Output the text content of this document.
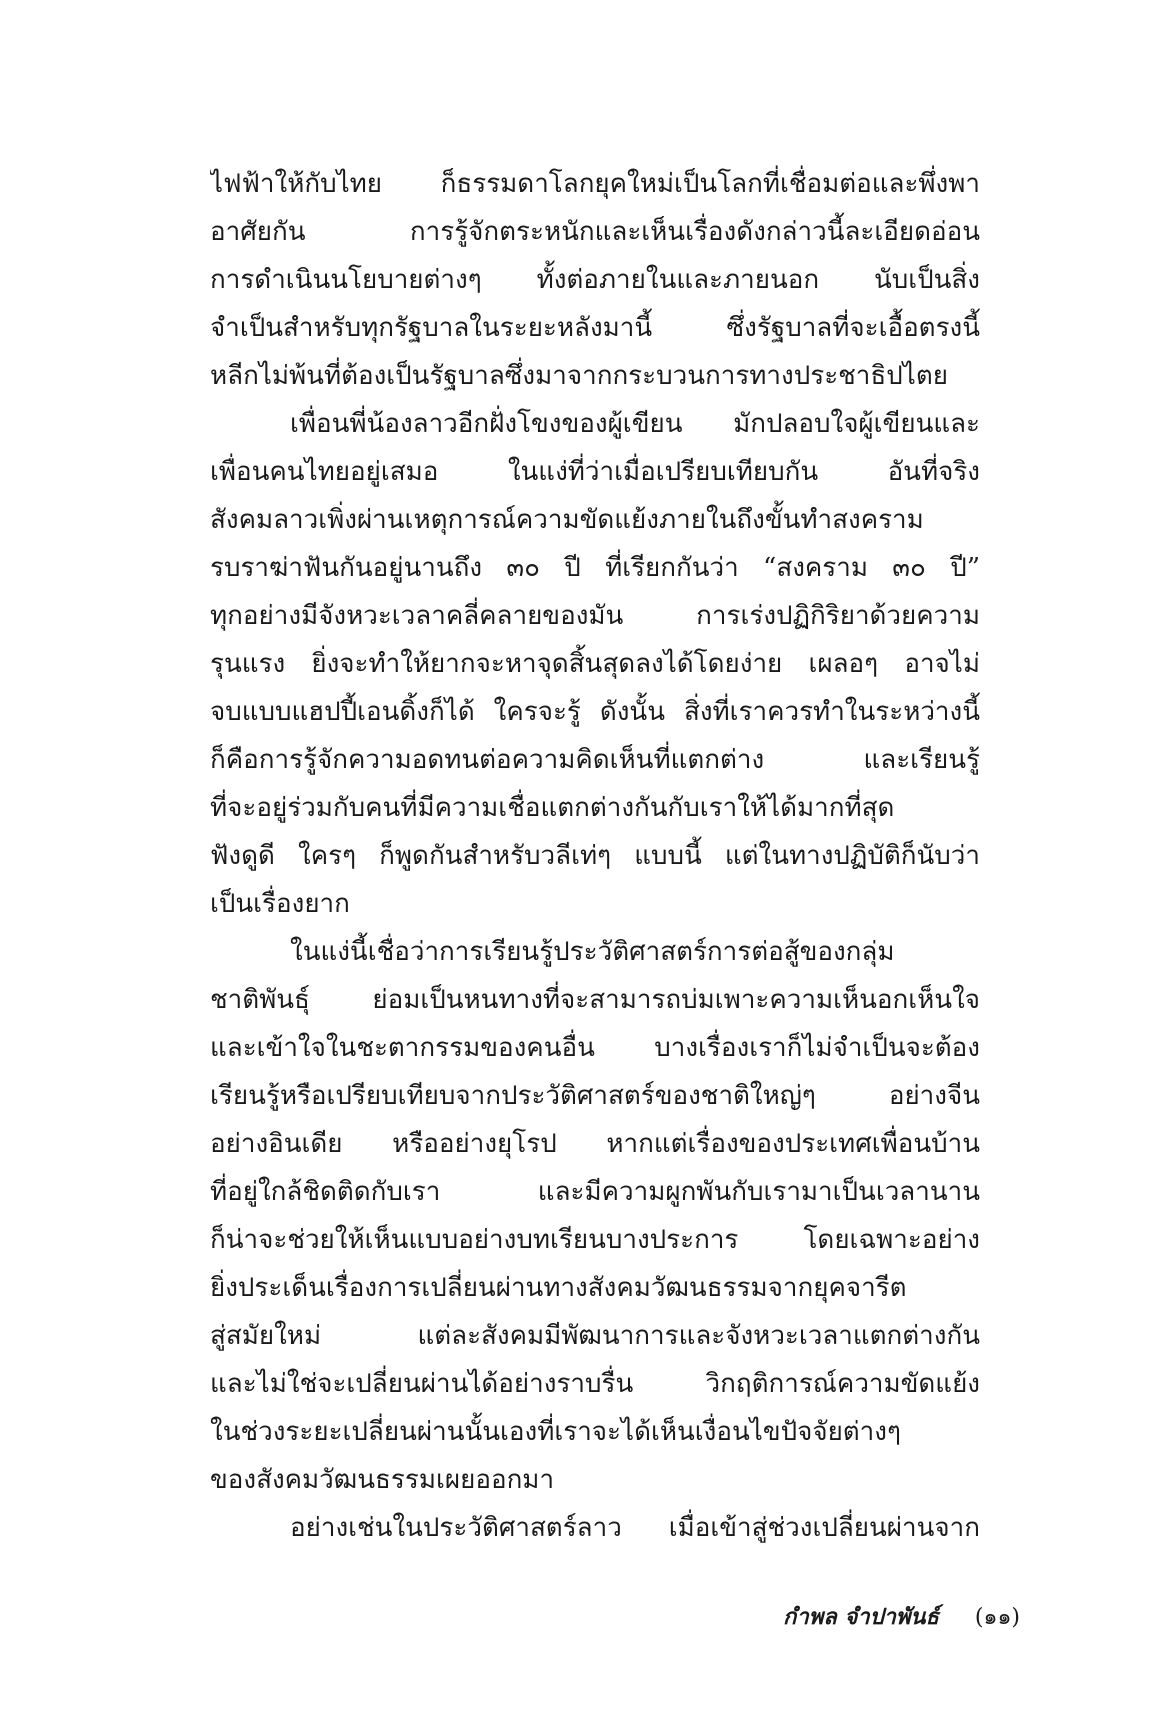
ไฟฟ้าให้กับไทย ก็ธรรมดาโลกยุคใหม่เป็นโลกที่เชื่อมต่อและพึ่งพา
อาศัยกัน การรู้จักตระหนักและเห็นเรื่องดังกล่าวนี้ละเอียดอ่อน
การดำเนินนโยบายต่างๆ ทั้งต่อภายในและภายนอก นับเป็นสิ่ง
จำเป็นสำหรับทุกรัฐบาลในระยะหลังมานี้ ซึ่งรัฐบาลที่จะเอื้อตรงนี้
หลีกไม่พ้นที่ต้องเป็นรัฐบาลซึ่งมาจากกระบวนการทางประชาธิปไตย
เพื่อนพี่น้องลาวอีกฝั่งโขงของผู้เขียน มักปลอบใจผู้เขียนและ
เพื่อนคนไทยอยู่เสมอ ในแง่ที่ว่าเมื่อเปรียบเทียบกัน อันที่จริง
สังคมลาวเพิ่งผ่านเหตุการณ์ความขัดแย้งภายในถึงขั้นทำสงคราม
รบราฆ่าฟันกันอยู่นานถึง ๓๐ ปี ที่เรียกกันว่า “สงคราม ๓๐ ปี”
ทุกอย่างมีจังหวะเวลาคลี่คลายของมัน การเร่งปฏิกิริยาด้วยความ
รุนแรง ยิ่งจะทำให้ยากจะหาจุดสิ้นสุดลงได้โดยง่าย เผลอๆ อาจไม่
จบแบบแฮปปี้เอนดิ้งก็ได้ ใครจะรู้ ดังนั้น สิ่งที่เราควรทำในระหว่างนี้
ก็คือการรู้จักความอดทนต่อความคิดเห็นที่แตกต่าง และเรียนรู้
ที่จะอยู่ร่วมกับคนที่มีความเชื่อแตกต่างกันกับเราให้ได้มากที่สุด
ฟังดูดี ใครๆ ก็พูดกันสำหรับวลีเท่ๆ แบบนี้ แต่ในทางปฏิบัติก็นับว่า
เป็นเรื่องยาก
ในแง่นี้เชื่อว่าการเรียนรู้ประวัติศาสตร์การต่อสู้ของกลุ่ม
ชาติพันธุ์ ย่อมเป็นหนทางที่จะสามารถบ่มเพาะความเห็นอกเห็นใจ
และเข้าใจในชะตากรรมของคนอื่น บางเรื่องเราก็ไม่จำเป็นจะต้อง
เรียนรู้หรือเปรียบเทียบจากประวัติศาสตร์ของชาติใหญ่ๆ อย่างจีน
อย่างอินเดีย หรืออย่างยุโรป หากแต่เรื่องของประเทศเพื่อนบ้าน
ที่อยู่ใกล้ชิดติดกับเรา และมีความผูกพันกับเรามาเป็นเวลานาน
ก็น่าจะช่วยให้เห็นแบบอย่างบทเรียนบางประการ โดยเฉพาะอย่าง
ยิ่งประเด็นเรื่องการเปลี่ยนผ่านทางสังคมวัฒนธรรมจากยุคจารีต
สู่สมัยใหม่ แต่ละสังคมมีพัฒนาการและจังหวะเวลาแตกต่างกัน
และไม่ใช่จะเปลี่ยนผ่านได้อย่างราบรื่น วิกฤติการณ์ความขัดแย้ง
ในช่วงระยะเปลี่ยนผ่านนั้นเองที่เราจะได้เห็นเงื่อนไขปัจจัยต่างๆ
ของสังคมวัฒนธรรมเผยออกมา
อย่างเช่นในประวัติศาสตร์ลาว เมื่อเข้าสู่ช่วงเปลี่ยนผ่านจาก
กำพล จำปาพันธ์ (๑๑)
